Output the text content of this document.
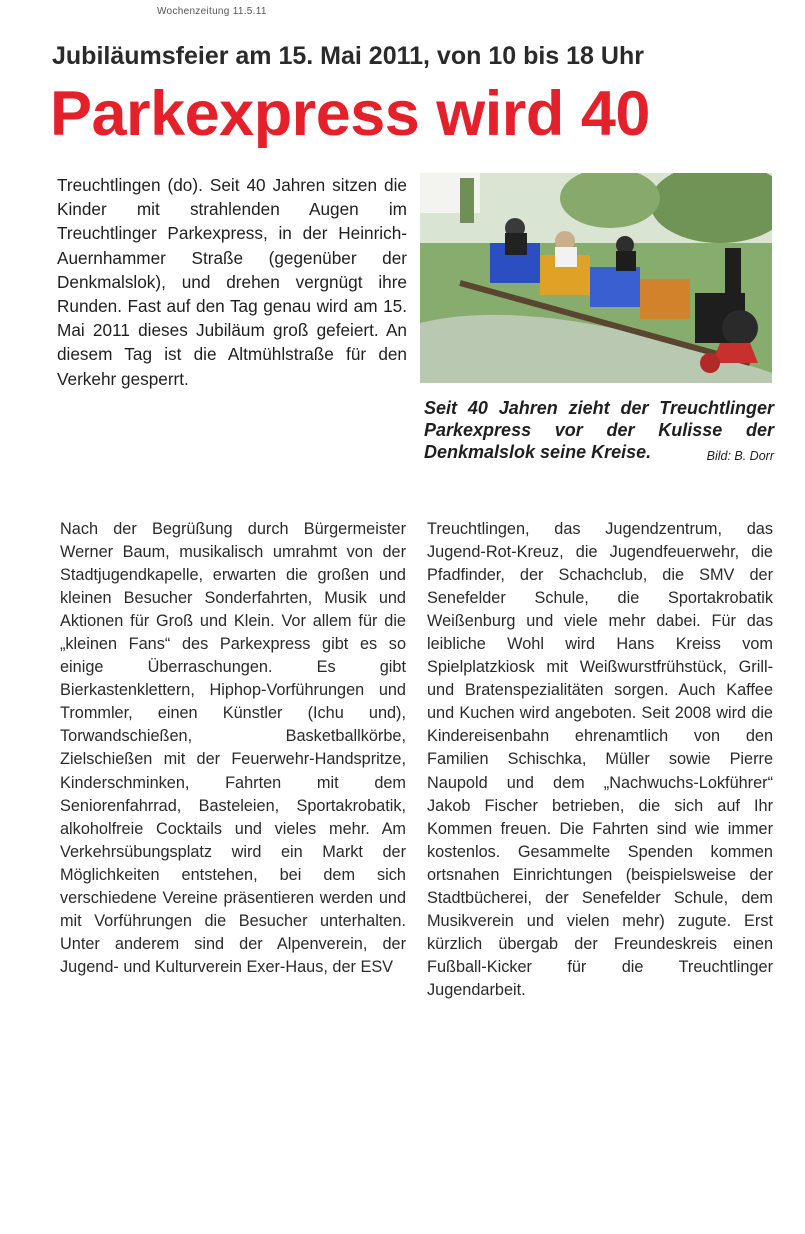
Wochenzeitung 11.5.11
Jubiläumsfeier am 15. Mai 2011, von 10 bis 18 Uhr
Parkexpress wird 40
Treuchtlingen (do). Seit 40 Jahren sitzen die Kinder mit strahlenden Augen im Treuchtlinger Parkexpress, in der Heinrich-Auernhammer Straße (gegenüber der Denkmalslok), und drehen vergnügt ihre Runden. Fast auf den Tag genau wird am 15. Mai 2011 dieses Jubiläum groß gefeiert. An diesem Tag ist die Altmühlstraße für den Verkehr gesperrt.
Seit 40 Jahren zieht der Treuchtlinger Parkexpress vor der Kulisse der Denkmalslok seine Kreise.	Bild: B. Dorr
Nach der Begrüßung durch Bürgermeister Werner Baum, musikalisch umrahmt von der Stadtjugendkapelle, erwarten die großen und kleinen Besucher Sonderfahrten, Musik und Aktionen für Groß und Klein. Vor allem für die „kleinen Fans“ des Parkexpress gibt es so einige Überraschungen. Es gibt Bierkastenklettern, Hiphop-Vorführungen und Trommler, einen Künstler (Ichu und), Torwandschießen, Basketballkörbe, Zielschießen mit der Feuerwehr-Handspritze, Kinderschminken, Fahrten mit dem Seniorenfahrrad, Basteleien, Sportakrobatik, alkoholfreie Cocktails und vieles mehr. Am Verkehrsübungsplatz wird ein Markt der Möglichkeiten entstehen, bei dem sich verschiedene Vereine präsentieren werden und mit Vorführungen die Besucher unterhalten. Unter anderem sind der Alpenverein, der Jugend- und Kulturverein Exer-Haus, der ESV
Treuchtlingen, das Jugendzentrum, das Jugend-Rot-Kreuz, die Jugendfeuerwehr, die Pfadfinder, der Schachclub, die SMV der Senefelder Schule, die Sportakrobatik Weißenburg und viele mehr dabei. Für das leibliche Wohl wird Hans Kreiss vom Spielplatzkiosk mit Weißwurstfrühstück, Grill- und Bratenspezialitäten sorgen. Auch Kaffee und Kuchen wird angeboten. Seit 2008 wird die Kindereisenbahn ehrenamtlich von den Familien Schischka, Müller sowie Pierre Naupold und dem „Nachwuchs-Lokführer“ Jakob Fischer betrieben, die sich auf Ihr Kommen freuen. Die Fahrten sind wie immer kostenlos. Gesammelte Spenden kommen ortsnahen Einrichtungen (beispielsweise der Stadtbücherei, der Senefelder Schule, dem Musikverein und vielen mehr) zugute. Erst kürzlich übergab der Freundeskreis einen Fußball-Kicker für die Treuchtlinger Jugendarbeit.
